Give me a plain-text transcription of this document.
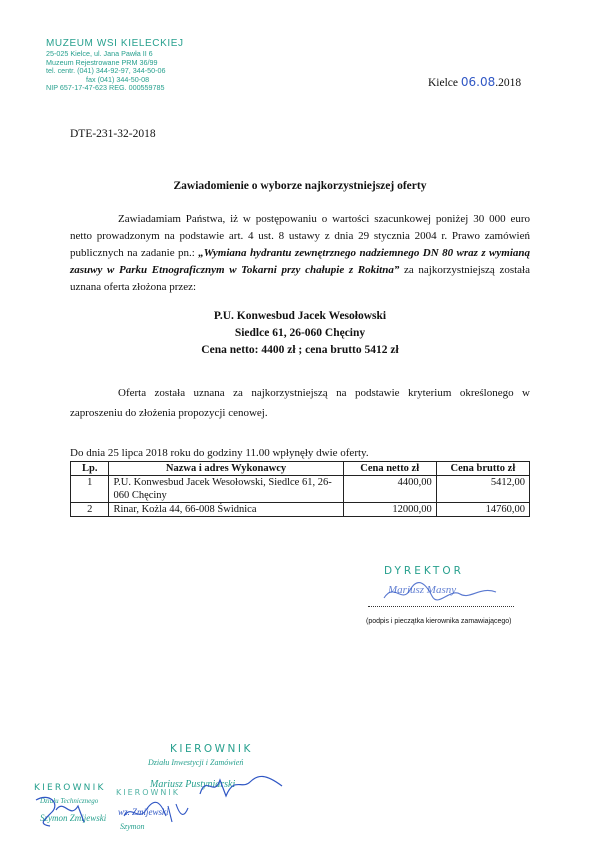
MUZEUM WSI KIELECKIEJ
25-025 Kielce, ul. Jana Pawła II 6
Muzeum Rejestrowane PRM 36/99
tel. centr. (041) 344-92-97, 344-50-06
fax (041) 344-50-08
NIP 657-17-47-623 REG. 000559785	Kielce 06.08.2018
DTE-231-32-2018
Zawiadomienie o wyborze najkorzystniejszej oferty
Zawiadamiam Państwa, iż w postępowaniu o wartości szacunkowej poniżej 30 000 euro netto prowadzonym na podstawie art. 4 ust. 8 ustawy z dnia 29 stycznia 2004 r. Prawo zamówień publicznych na zadanie pn.: „Wymiana hydrantu zewnętrznego nadziemnego DN 80 wraz z wymianą zasuwy w Parku Etnograficznym w Tokarni przy chałupie z Rokitna” za najkorzystniejszą została uznana oferta złożona przez:
P.U. Konwesbud Jacek Wesołowski
Siedlce 61, 26-060 Chęciny
Cena netto: 4400 zł ; cena brutto 5412 zł
Oferta została uznana za najkorzystniejszą na podstawie kryterium określonego w zaproszeniu do złożenia propozycji cenowej.
Do dnia 25 lipca 2018 roku do godziny 11.00 wpłynęły dwie oferty.
Lp.	Nazwa i adres Wykonawcy	Cena netto zł	Cena brutto zł
1	P.U. Konwesbud Jacek Wesołowski, Siedlce 61, 26-060 Chęciny	4400,00	5412,00
2	Rinar, Kożla 44, 66-008 Świdnica	12000,00	14760,00
DYREKTOR
Mariusz Masny
(podpis i pieczątka kierownika zamawiającego)
KIEROWNIK
Działu Inwestycji i Zamówień
Mariusz Pustyniarski
KIEROWNIK
Działu Technicznego
Szymon Zmijewski
KIEROWNIK
wz. Zmijewski
Szymon
